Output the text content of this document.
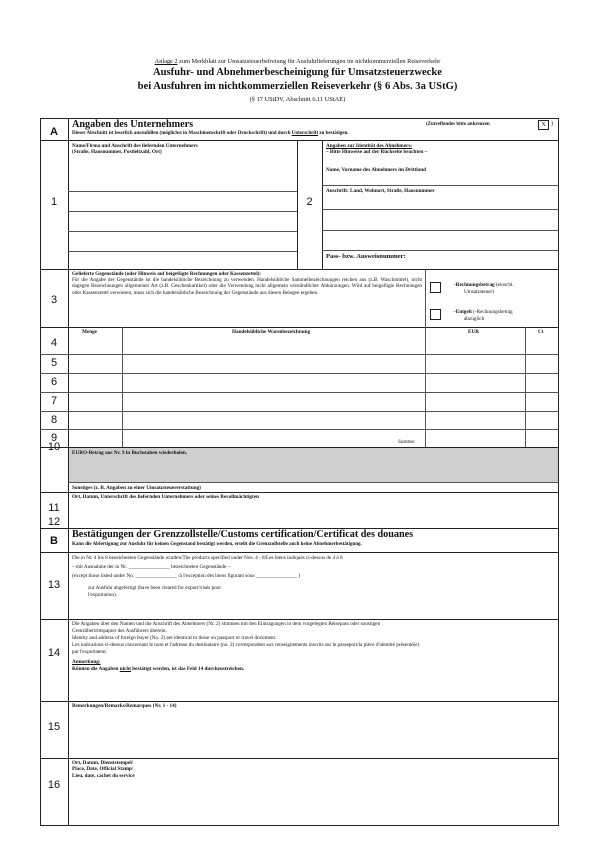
Anlage 2 zum Merkblatt zur Umsatzsteuerbefreiung für Ausfuhrlieferungen im nichtkommerziellen Reiseverkehr
Ausfuhr- und Abnehmerbescheinigung für Umsatzsteuerzwecke
bei Ausfuhren im nichtkommerziellen Reiseverkehr (§ 6 Abs. 3a UStG)
(§ 17 UStDV, Abschnitt 6.11 UStAE)
A
Angaben des Unternehmers	(Zutreffendes bitte ankreuzen	X )
Dieser Abschnitt ist leserlich auszufüllen (möglichst in Maschinenschrift oder Druckschrift) und durch Unterschrift zu bestätigen.
1
Name/Firma und Anschrift des liefernden Unternehmers
(Straße, Hausnummer, Postleitzahl, Ort)
2
Angaben zur Identität des Abnehmers:
– Bitte Hinweise auf der Rückseite beachten –
Name, Vorname des Abnehmers im Drittland
Anschrift: Land, Wohnort, Straße, Hausnummer
Pass- bzw. Ausweisnummer:
3
Gelieferte Gegenstände (oder Hinweis auf beigefügte Rechnungen oder Kassenzettel):
Für die Angabe der Gegenstände ist die handelsübliche Bezeichnung zu verwenden. Handelsübliche Sammelbezeichnungen reichen aus (z.B. Waschmittel), nicht dagegen Bezeichnungen allgemeiner Art (z.B. Geschenkartikel) oder die Verwendung nicht allgemein verständlicher Abkürzungen. Wird auf beigefügte Rechnungen oder Kassenzettel verwiesen, muss sich die handelsübliche Bezeichnung der Gegenstände aus diesen Belegen ergeben.
-Rechnungsbetrag (einschl.
Umsatzsteuer)
-Entgelt (-Rechnungsbetrag
abzüglich
Menge	Handelsübliche Warenbezeichnung	EUR	Ct
4
5
6
7
8
9	Summe:
EURO-Betrag aus Nr. 9 in Buchstaben wiederholen.
10
Sonstiges (z. B. Angaben zu einer Umsatzsteuererstattung)
Ort, Datum, Unterschrift des liefernden Unternehmers oder seines Bevollmächtigten
11
12
B
Bestätigungen der Grenzzollstelle/Customs certification/Certificat des douanes
Kann die Abfertigung zur Ausfuhr für keinen Gegenstand bestätigt werden, erteilt die Grenzzollstelle auch keine Abnehmerbestätigung.
13
Die in Nr. 4 bis 8 bezeichneten Gegenstände wurden/The products specified under Nos. 4 - 8/Les biens indiqués ci-dessus de 4 à 8
– mit Ausnahme der in Nr. ________________ bezeichneten Gegenstände –
(except those listed under No. ________________ /à l'exception des biens figurant sous ________________ )
zur Ausfuhr abgefertigt (have been cleared for export/visés pour
l'exportation).
14
Die Angaben über den Namen und die Anschrift des Abnehmers (Nr. 2) stimmen mit den Eintragungen in dem vorgelegten Reisepass oder sonstigen
Grenzübertrittspapier des Ausführers überein.
Identity and address of foreign buyer (No. 2) are identical to those on passport or travel document.
Les indications ci-dessus concernant le nom et l'adresse du destinataire (no. 2) correspondent aux renseignements inscrits sur le passeport/la pièce d'identité présenté(e)
par l'exportateur.
Anmerkung:
Können die Angaben nicht bestätigt werden, ist das Feld 14 durchzustreichen.
15
Bemerkungen/Remarks/Remarques (Nr. 1 - 14)
16
Ort, Datum, Dienststempel/
Place, Date, Official Stamp/
Lieu, date, cachet du service
